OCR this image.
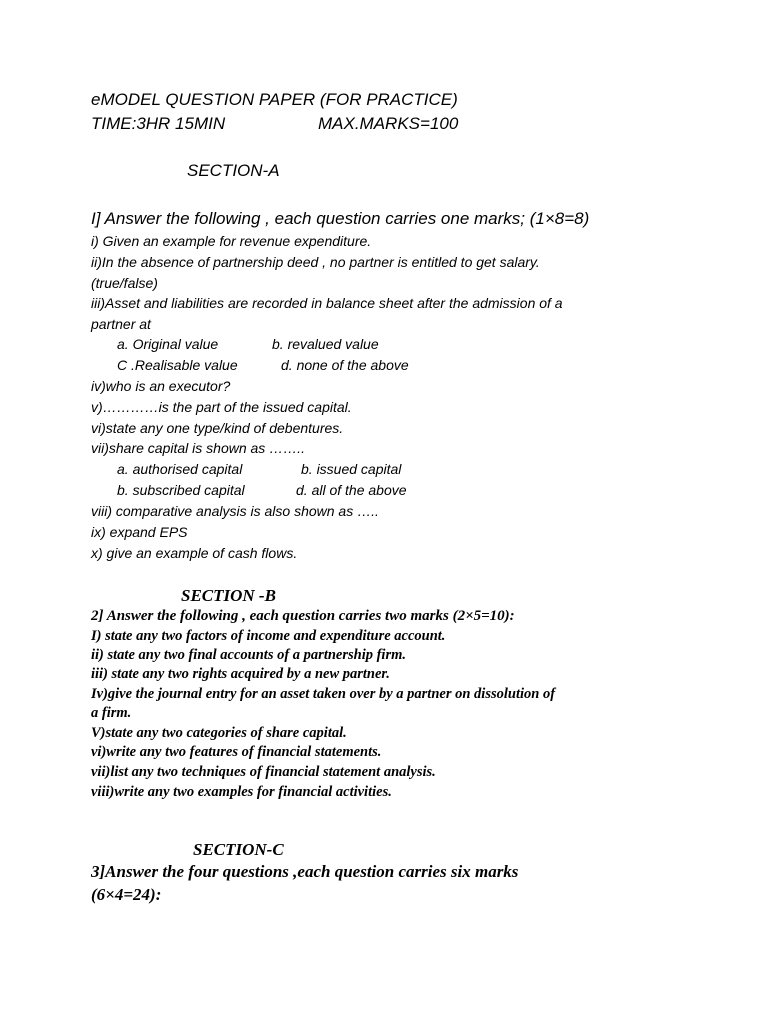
eMODEL QUESTION PAPER (FOR PRACTICE)
TIME:3HR 15MIN	MAX.MARKS=100
SECTION-A
I] Answer the following , each question carries one marks; (1×8=8)
i) Given an example for revenue expenditure.
ii)In the absence of partnership deed , no partner is entitled to get salary.
(true/false)
iii)Asset and liabilities are recorded in balance sheet after the admission of a
partner at
a. Original value	b. revalued value
C .Realisable value	d. none of the above
iv)who is an executor?
v)…………is the part of the issued capital.
vi)state any one type/kind of debentures.
vii)share capital is shown as ……..
a. authorised capital	b. issued capital
b. subscribed capital	d. all of the above
viii) comparative analysis is also shown as …..
ix) expand EPS
x) give an example of cash flows.
SECTION -B
2] Answer the following , each question carries two marks (2×5=10):
I) state any two factors of income and expenditure account.
ii) state any two final accounts of a partnership firm.
iii) state any two rights acquired by a new partner.
Iv)give the journal entry for an asset taken over by a partner on dissolution of
a firm.
V)state any two categories of share capital.
vi)write any two features of financial statements.
vii)list any two techniques of financial statement analysis.
viii)write any two examples for financial activities.
SECTION-C
3]Answer the four questions ,each question carries six marks
(6×4=24):
